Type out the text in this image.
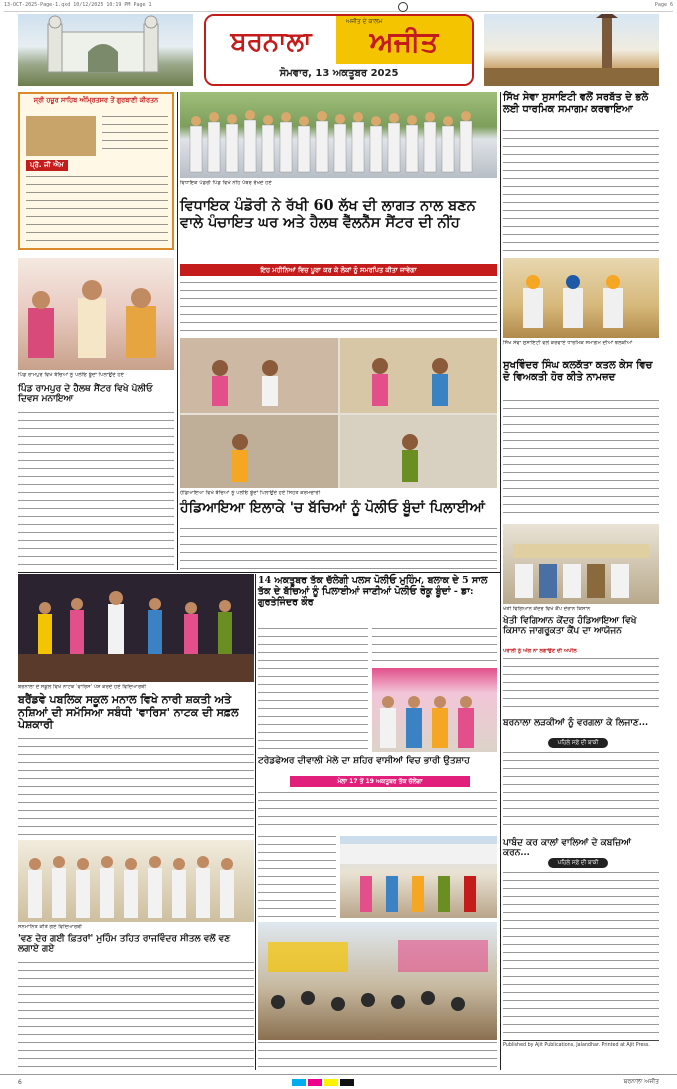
13-OCT-2025-Page-1.qxd 10/12/2025 10:19 PM Page 1	Page 6
ਬਰਨਾਲਾ	ਅਜੀਤ
ਅਜੀਤ ਦੇ ਕਾਲਮ
ਸੋਮਵਾਰ, 13 ਅਕਤੂਬਰ 2025
ਸ੍ਰੀ ਹਜ਼ੂਰ ਸਾਹਿਬ ਅੰਮ੍ਰਿਤਸਰ ਤੋਂ ਗੁਰਬਾਣੀ ਕੀਰਤਨ
ਪ੍ਰੋ. ਜੀ ਐਮ
ਵਿਧਾਇਕ ਪੰਡੋਰੀ ਪਿੰਡ ਵਿਖੇ ਨੀਂਹ ਪੱਥਰ ਰੱਖਦੇ ਹੋਏ
ਸਿੱਖ ਸੇਵਾ ਸੁਸਾਇਟੀ ਵਲੋਂ ਸਰਬੱਤ ਦੇ ਭਲੇ ਲਈ ਧਾਰਮਿਕ ਸਮਾਗਮ ਕਰਵਾਇਆ
ਸਿੱਖ ਸੇਵਾ ਸੁਸਾਇਟੀ ਵਲੋਂ ਕਰਵਾਏ ਧਾਰਮਿਕ ਸਮਾਗਮ ਦੀਆਂ ਝਲਕੀਆਂ
ਵਿਧਾਇਕ ਪੰਡੋਰੀ ਨੇ ਰੱਖੀ 60 ਲੱਖ ਦੀ ਲਾਗਤ ਨਾਲ ਬਣਨ ਵਾਲੇ ਪੰਚਾਇਤ ਘਰ ਅਤੇ ਹੈਲਥ ਵੈੱਲਨੈੱਸ ਸੈਂਟਰ ਦੀ ਨੀਂਹ
ਇਹ ਮਹੀਨਿਆਂ ਵਿਚ ਪੂਰਾ ਕਰ ਕੇ ਲੋਕਾਂ ਨੂੰ ਸਮਰਪਿਤ ਕੀਤਾ ਜਾਵੇਗਾ
ਪਿੰਡ ਰਾਮਪੁਰ ਵਿਖੇ ਬੱਚਿਆਂ ਨੂੰ ਪੋਲੀਓ ਬੂੰਦਾਂ ਪਿਲਾਉਂਦੇ ਹੋਏ
ਪਿੰਡ ਰਾਮਪੁਰ ਦੇ ਹੈਲਥ ਸੈਂਟਰ ਵਿਖੇ ਪੋਲੀਓ ਦਿਵਸ ਮਨਾਇਆ
ਹੰਡਿਆਇਆ ਵਿਖੇ ਬੱਚਿਆਂ ਨੂੰ ਪੋਲੀਓ ਬੂੰਦਾਂ ਪਿਲਾਉਂਦੇ ਹੋਏ ਸਿਹਤ ਕਰਮਚਾਰੀ
ਹੰਡਿਆਇਆ ਇਲਾਕੇ 'ਚ ਬੱਚਿਆਂ ਨੂੰ ਪੋਲੀਓ ਬੂੰਦਾਂ ਪਿਲਾਈਆਂ
ਸੁਖਵਿੰਦਰ ਸਿੰਘ ਕਲਕੱਤਾ ਕਤਲ ਕੇਸ ਵਿਚ ਦੋ ਵਿਅਕਤੀ ਹੋਰ ਕੀਤੇ ਨਾਮਜ਼ਦ
ਖੇਤੀ ਵਿਗਿਆਨ ਕੇਂਦਰ ਵਿਖੇ ਕੈਂਪ ਦੌਰਾਨ ਕਿਸਾਨ
ਖੇਤੀ ਵਿਗਿਆਨ ਕੇਂਦਰ ਹੰਡਿਆਇਆ ਵਿਖੇ ਕਿਸਾਨ ਜਾਗਰੂਕਤਾ ਕੈਂਪ ਦਾ ਆਯੋਜਨ
ਪਰਾਲੀ ਨੂੰ ਅੱਗ ਨਾ ਲਗਾਉਣ ਦੀ ਅਪੀਲ
ਬਰਨਾਲਾ ਦੇ ਸਕੂਲ ਵਿਖੇ ਨਾਟਕ 'ਵਾਰਿਸ' ਪੇਸ਼ ਕਰਦੇ ਹੋਏ ਵਿਦਿਆਰਥੀ
ਬਰੈਂਡਵੇ ਪਬਲਿਕ ਸਕੂਲ ਮਨਾਲ ਵਿਖੇ ਨਾਰੀ ਸ਼ਕਤੀ ਅਤੇ ਨਸ਼ਿਆਂ ਦੀ ਸਮੱਸਿਆ ਸਬੰਧੀ 'ਵਾਰਿਸ' ਨਾਟਕ ਦੀ ਸਫ਼ਲ ਪੇਸ਼ਕਾਰੀ
14 ਅਕਤੂਬਰ ਤੱਕ ਚੱਲੇਗੀ ਪਲਸ ਪੋਲੀਓ ਮੁਹਿੰਮ, ਬਲਾਕ ਦੇ 5 ਸਾਲ ਤੱਕ ਦੇ ਬੱਚਿਆਂ ਨੂੰ ਪਿਲਾਈਆਂ ਜਾਣੀਆਂ ਪੋਲੀਓ ਰੋਕੂ ਬੂੰਦਾਂ - ਡਾ: ਗੁਰਤੇਜਿੰਦਰ ਕੌਰ
ਟਰੇਡਫੇਅਰ ਦੀਵਾਲੀ ਮੇਲੇ ਦਾ ਸ਼ਹਿਰ ਵਾਸੀਆਂ ਵਿਚ ਭਾਰੀ ਉਤਸ਼ਾਹ
ਮੇਲਾ 17 ਤੋਂ 19 ਅਕਤੂਬਰ ਤੱਕ ਚੱਲੇਗਾ
ਸਨਮਾਨਿਤ ਕੀਤੇ ਗਏ ਵਿਦਿਆਰਥੀ
'ਵਣ ਦੇਰ ਗਈ ਫ਼ਿਤਰਾਂ' ਮੁਹਿੰਮ ਤਹਿਤ ਰਾਜਵਿੰਦਰ ਸੀਤਲ ਵਲੋਂ ਵਣ ਲਗਾਏ ਗਏ
ਬਰਨਾਲਾ ਲੜਕੀਆਂ ਨੂੰ ਵਰਗਲਾ ਕੇ ਲਿਜਾਣ...
ਪਹਿਲੇ ਸਫ਼ੇ ਦੀ ਬਾਕੀ
ਪਾਬੰਦ ਕਰ ਕਾਲਾਂ ਵਾਲਿਆਂ ਦੇ ਕਬਜ਼ਿਆਂ ਕਰਨ...
ਪਹਿਲੇ ਸਫ਼ੇ ਦੀ ਬਾਕੀ
Published by Ajit Publications, Jalandhar. Printed at Ajit Press.
6	ਬਰਨਾਲਾ ਅਜੀਤ
